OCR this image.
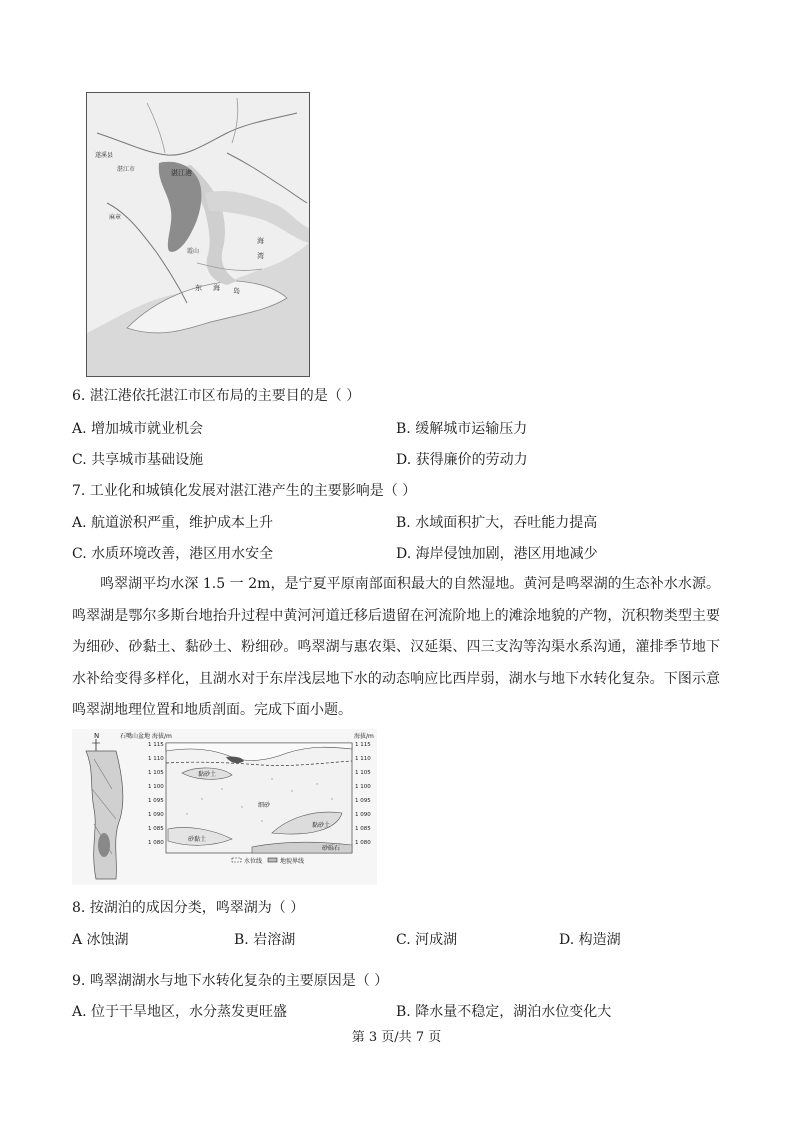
湛江港
湛江市
东 海 岛
海
湾
遂溪县
麻章
霞山
6. 湛江港依托湛江市区布局的主要目的是（ ）
A. 增加城市就业机会	B. 缓解城市运输压力
C. 共享城市基础设施	D. 获得廉价的劳动力
7. 工业化和城镇化发展对湛江港产生的主要影响是（ ）
A. 航道淤积严重，维护成本上升	B. 水域面积扩大，吞吐能力提高
C. 水质环境改善，港区用水安全	D. 海岸侵蚀加剧，港区用地减少
鸣翠湖平均水深 1.5 一 2m，是宁夏平原南部面积最大的自然湿地。黄河是鸣翠湖的生态补水水源。鸣翠湖是鄂尔多斯台地抬升过程中黄河河道迁移后遗留在河流阶地上的滩涂地貌的产物，沉积物类型主要为细砂、砂黏土、黏砂土、粉细砂。鸣翠湖与惠农渠、汉延渠、四三支沟等沟渠水系沟通，灌排季节地下水补给变得多样化，且湖水对于东岸浅层地下水的动态响应比西岸弱，湖水与地下水转化复杂。下图示意鸣翠湖地理位置和地质剖面。完成下面小题。
N	石嘴山盆地 海拔/m	海拔/m
黏砂土
细砂
黏砂土
砂黏土
砂砾石
1 115
1 110
1 105
1 100
1 095
1 090
1 085
1 080
1 115
1 110
1 105
1 100
1 095
1 090
1 085
1 080
水位线	地貌界线
8. 按湖泊的成因分类，鸣翠湖为（ ）
A 冰蚀湖	B. 岩溶湖	C. 河成湖	D. 构造湖
9. 鸣翠湖湖水与地下水转化复杂的主要原因是（ ）
A. 位于干旱地区，水分蒸发更旺盛	B. 降水量不稳定，湖泊水位变化大
第 3 页/共 7 页
